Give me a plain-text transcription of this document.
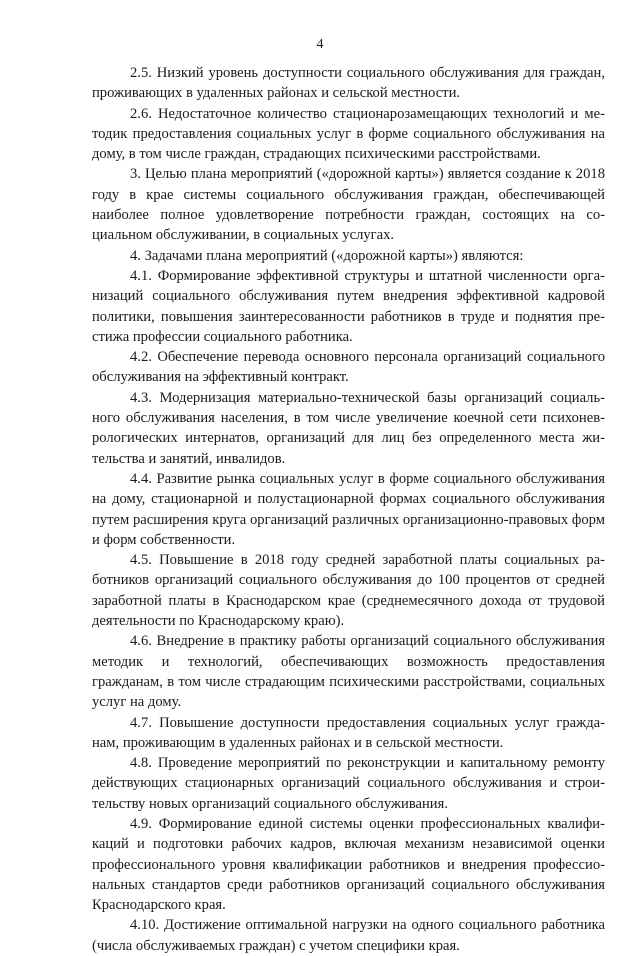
4

2.5. Низкий уровень доступности социального обслуживания для граждан, проживающих в удаленных районах и сельской местности.

2.6. Недостаточное количество стационарозамещающих технологий и методик предоставления социальных услуг в форме социального обслуживания на дому, в том числе граждан, страдающих психическими расстройствами.

3. Целью плана мероприятий («дорожной карты») является создание к 2018 году в крае системы социального обслуживания граждан, обеспечивающей наиболее полное удовлетворение потребности граждан, состоящих на социальном обслуживании, в социальных услугах.

4. Задачами плана мероприятий («дорожной карты») являются:

4.1. Формирование эффективной структуры и штатной численности организаций социального обслуживания путем внедрения эффективной кадровой политики, повышения заинтересованности работников в труде и поднятия престижа профессии социального работника.

4.2. Обеспечение перевода основного персонала организаций социального обслуживания на эффективный контракт.

4.3. Модернизация материально-технической базы организаций социального обслуживания населения, в том числе увеличение коечной сети психоневрологических интернатов, организаций для лиц без определенного места жительства и занятий, инвалидов.

4.4. Развитие рынка социальных услуг в форме социального обслуживания на дому, стационарной и полустационарной формах социального обслуживания путем расширения круга организаций различных организационно-правовых форм и форм собственности.

4.5. Повышение в 2018 году средней заработной платы социальных работников организаций социального обслуживания до 100 процентов от средней заработной платы в Краснодарском крае (среднемесячного дохода от трудовой деятельности по Краснодарскому краю).

4.6. Внедрение в практику работы организаций социального обслуживания методик и технологий, обеспечивающих возможность предоставления гражданам, в том числе страдающим психическими расстройствами, социальных услуг на дому.

4.7. Повышение доступности предоставления социальных услуг гражданам, проживающим в удаленных районах и в сельской местности.

4.8. Проведение мероприятий по реконструкции и капитальному ремонту действующих стационарных организаций социального обслуживания и строительству новых организаций социального обслуживания.

4.9. Формирование единой системы оценки профессиональных квалификаций и подготовки рабочих кадров, включая механизм независимой оценки профессионального уровня квалификации работников и внедрения профессиональных стандартов среди работников организаций социального обслуживания Краснодарского края.

4.10. Достижение оптимальной нагрузки на одного социального работника (числа обслуживаемых граждан) с учетом специфики края.
